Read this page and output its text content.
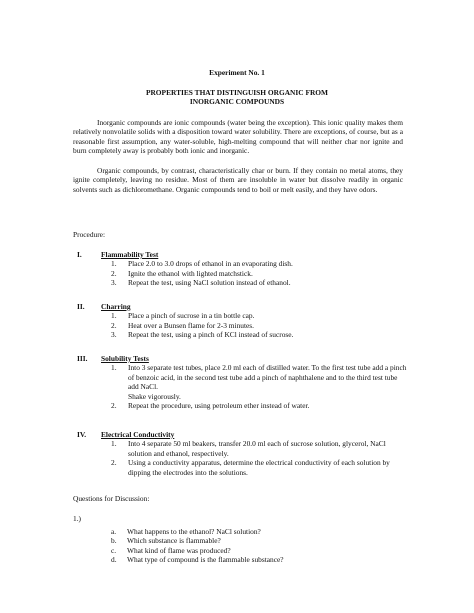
Experiment No. 1
PROPERTIES THAT DISTINGUISH ORGANIC FROM
INORGANIC COMPOUNDS
Inorganic compounds are ionic compounds (water being the exception). This ionic quality makes them relatively nonvolatile solids with a disposition toward water solubility. There are exceptions, of course, but as a reasonable first assumption, any water-soluble, high-melting compound that will neither char nor ignite and burn completely away is probably both ionic and inorganic.
Organic compounds, by contrast, characteristically char or burn. If they contain no metal atoms, they ignite completely, leaving no residue. Most of them are insoluble in water but dissolve readily in organic solvents such as dichloromethane. Organic compounds tend to boil or melt easily, and they have odors.
Procedure:
I.	Flammability Test
1.	Place 2.0 to 3.0 drops of ethanol in an evaporating dish.
2.	Ignite the ethanol with lighted matchstick.
3.	Repeat the test, using NaCl solution instead of ethanol.
II.	Charring
1.	Place a pinch of sucrose in a tin bottle cap.
2.	Heat over a Bunsen flame for 2-3 minutes.
3.	Repeat the test, using a pinch of KCl instead of sucrose.
III.	Solubility Tests
1.	Into 3 separate test tubes, place 2.0 ml each of distilled water. To the first test tube add a pinch of benzoic acid, in the second test tube add a pinch of naphthalene and to the third test tube add NaCl.
Shake vigorously.
2.	Repeat the procedure, using petroleum ether instead of water.
IV.	Electrical Conductivity
1.	Into 4 separate 50 ml beakers, transfer 20.0 ml each of sucrose solution, glycerol, NaCl solution and ethanol, respectively.
2.	Using a conductivity apparatus, determine the electrical conductivity of each solution by dipping the electrodes into the solutions.
Questions for Discussion:
1.)
a.	What happens to the ethanol? NaCl solution?
b.	Which substance is flammable?
c.	What kind of flame was produced?
d.	What type of compound is the flammable substance?
